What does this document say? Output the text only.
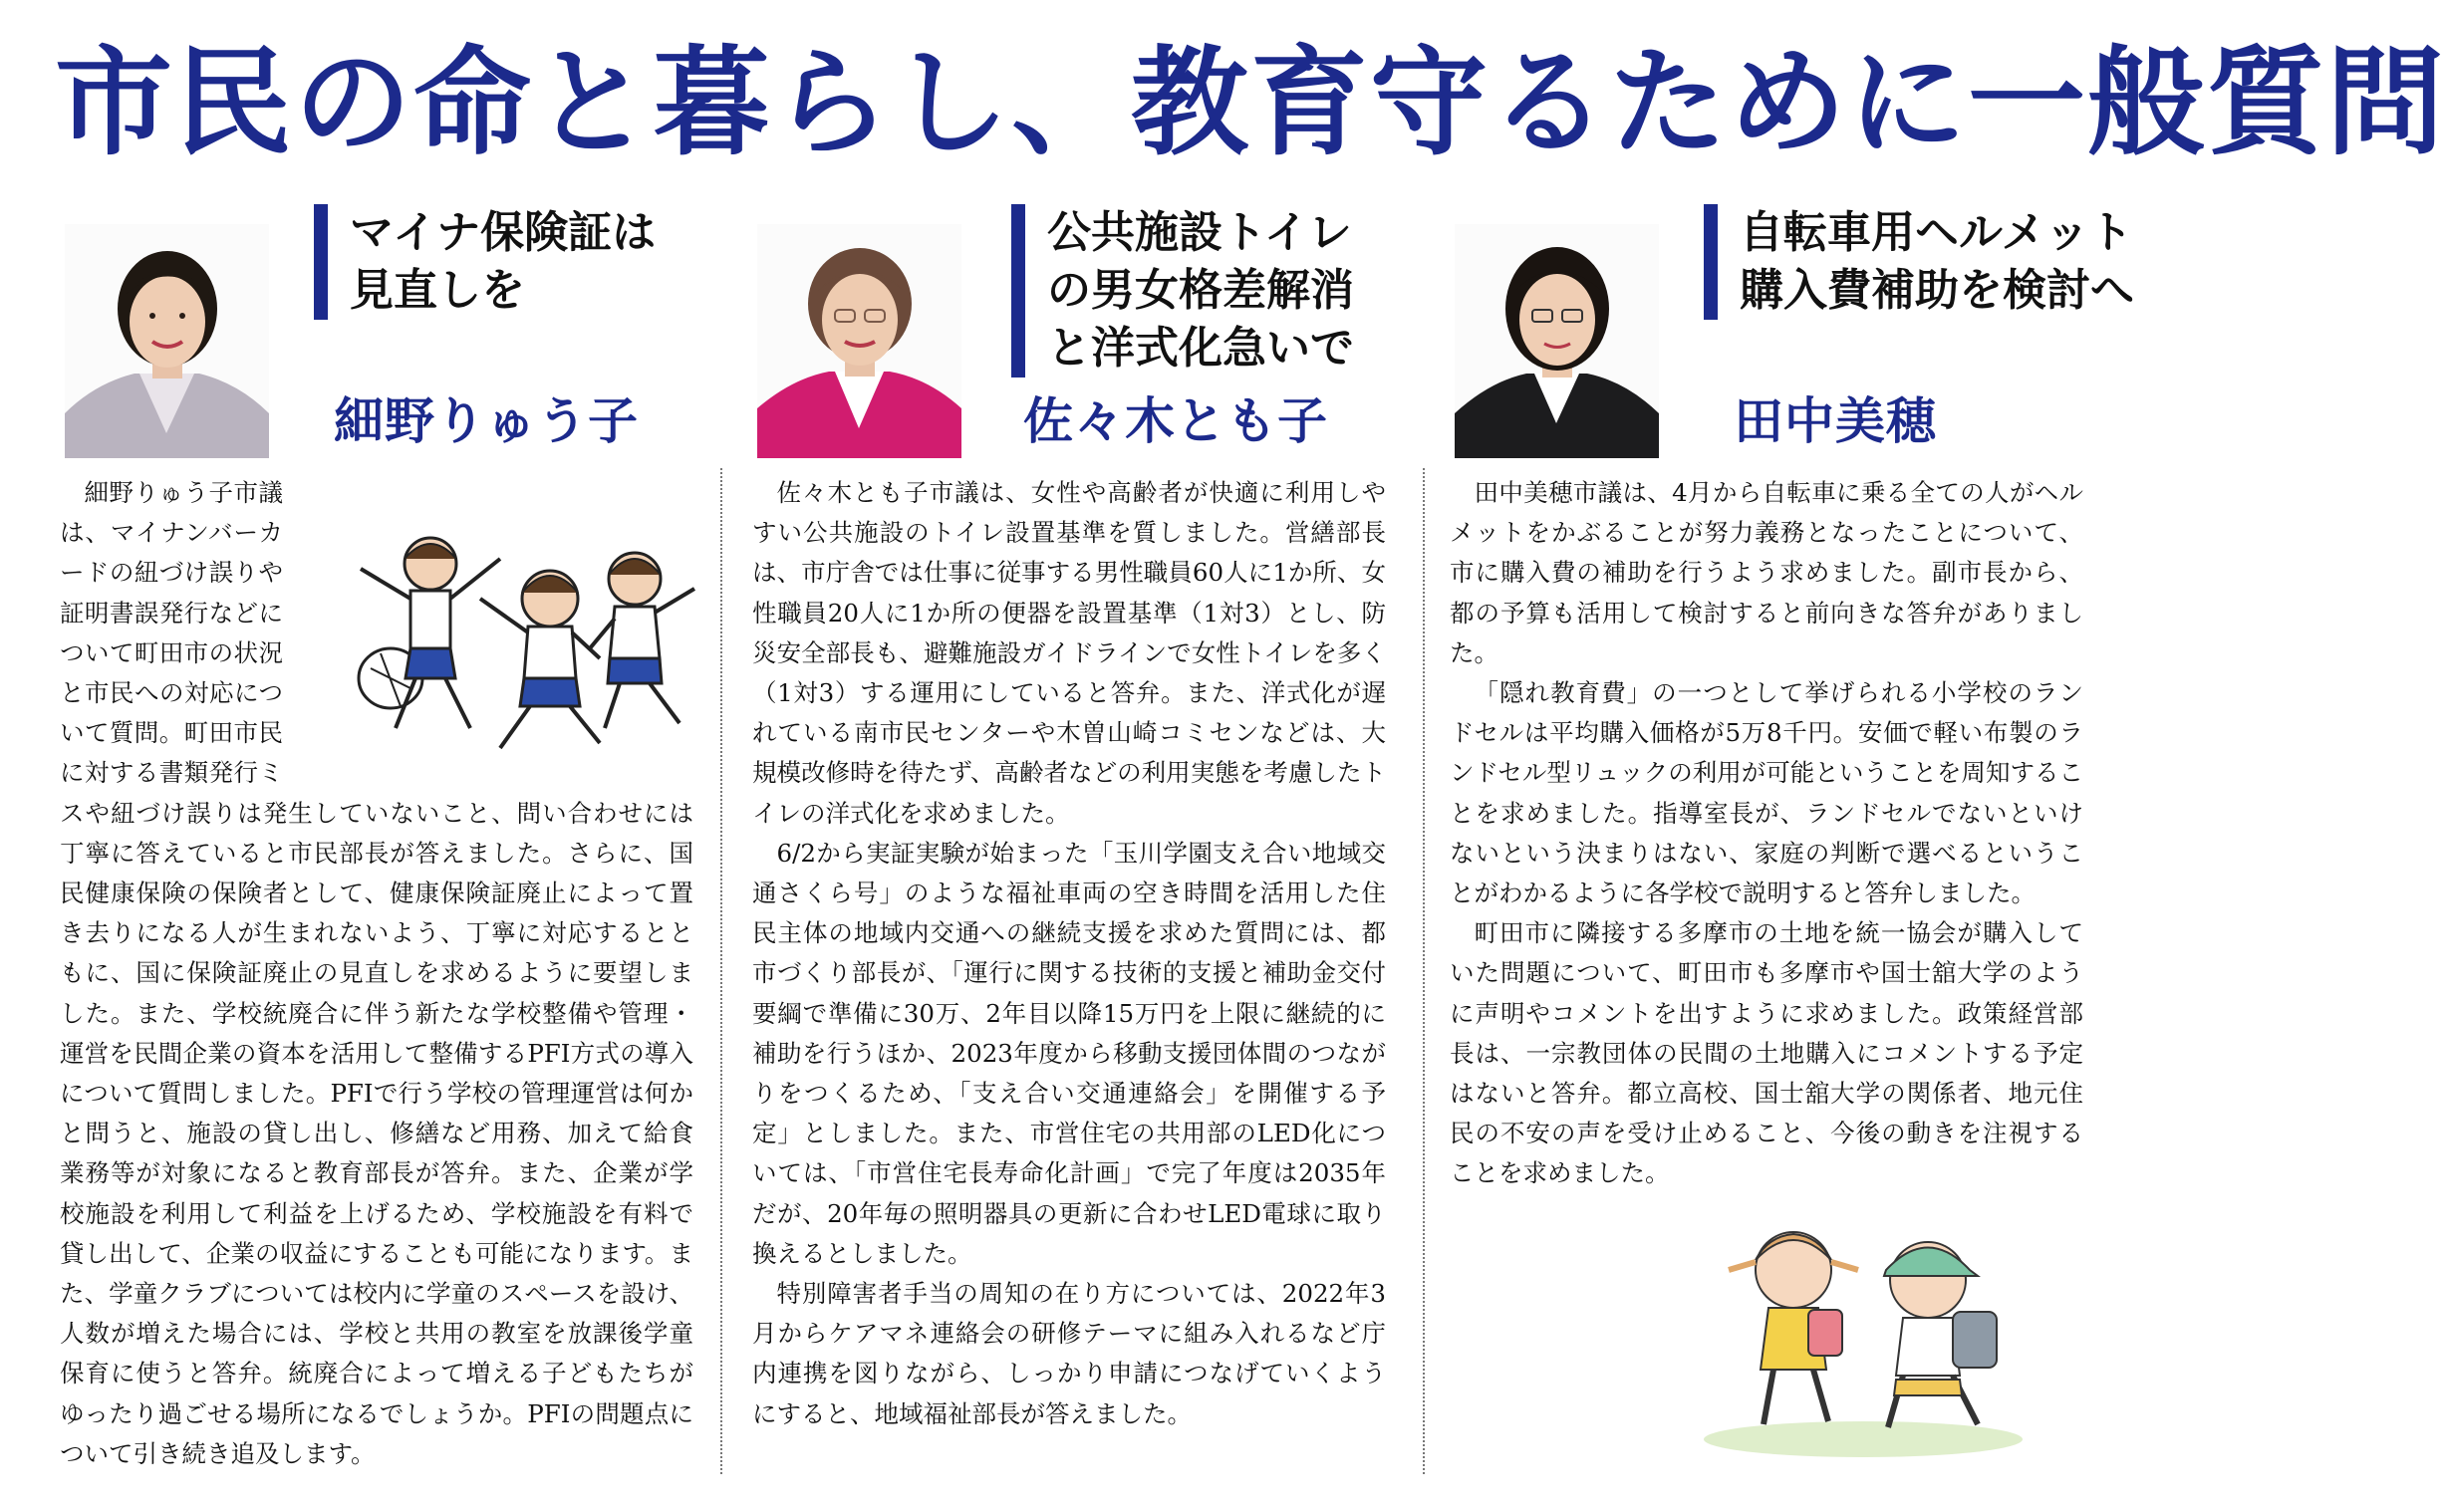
市民の命と暮らし、教育守るために一般質問
マイナ保険証は
見直しを
細野りゅう子

細野りゅう子市議は、マイナンバーカードの紐づけ誤りや証明書誤発行などについて町田市の状況と市民への対応について質問。町田市民に対する書類発行ミスや紐づけ誤りは発生していないこと、問い合わせには丁寧に答えていると市民部長が答えました。さらに、国民健康保険の保険者として、健康保険証廃止によって置き去りになる人が生まれないよう、丁寧に対応するとともに、国に保険証廃止の見直しを求めるように要望しました。また、学校統廃合に伴う新たな学校整備や管理・運営を民間企業の資本を活用して整備するPFI方式の導入について質問しました。PFIで行う学校の管理運営は何かと問うと、施設の貸し出し、修繕など用務、加えて給食業務等が対象になると教育部長が答弁。また、企業が学校施設を利用して利益を上げるため、学校施設を有料で貸し出して、企業の収益にすることも可能になります。また、学童クラブについては校内に学童のスペースを設け、人数が増えた場合には、学校と共用の教室を放課後学童保育に使うと答弁。統廃合によって増える子どもたちがゆったり過ごせる場所になるでしょうか。PFIの問題点について引き続き追及します。

公共施設トイレ
の男女格差解消
と洋式化急いで
佐々木とも子

佐々木とも子市議は、女性や高齢者が快適に利用しやすい公共施設のトイレ設置基準を質しました。営繕部長は、市庁舎では仕事に従事する男性職員60人に1か所、女性職員20人に1か所の便器を設置基準（1対3）とし、防災安全部長も、避難施設ガイドラインで女性トイレを多く（1対3）する運用にしていると答弁。また、洋式化が遅れている南市民センターや木曽山崎コミセンなどは、大規模改修時を待たず、高齢者などの利用実態を考慮したトイレの洋式化を求めました。

6/2から実証実験が始まった「玉川学園支え合い地域交通さくら号」のような福祉車両の空き時間を活用した住民主体の地域内交通への継続支援を求めた質問には、都市づくり部長が、「運行に関する技術的支援と補助金交付要綱で準備に30万、2年目以降15万円を上限に継続的に補助を行うほか、2023年度から移動支援団体間のつながりをつくるため、「支え合い交通連絡会」を開催する予定」としました。また、市営住宅の共用部のLED化については、「市営住宅長寿命化計画」で完了年度は2035年だが、20年毎の照明器具の更新に合わせLED電球に取り換えるとしました。

特別障害者手当の周知の在り方については、2022年3月からケアマネ連絡会の研修テーマに組み入れるなど庁内連携を図りながら、しっかり申請につなげていくようにすると、地域福祉部長が答えました。

自転車用ヘルメット
購入費補助を検討へ
田中美穂

田中美穂市議は、4月から自転車に乗る全ての人がヘルメットをかぶることが努力義務となったことについて、市に購入費の補助を行うよう求めました。副市長から、都の予算も活用して検討すると前向きな答弁がありました。

「隠れ教育費」の一つとして挙げられる小学校のランドセルは平均購入価格が5万8千円。安価で軽い布製のランドセル型リュックの利用が可能ということを周知することを求めました。指導室長が、ランドセルでないといけないという決まりはない、家庭の判断で選べるということがわかるように各学校で説明すると答弁しました。

町田市に隣接する多摩市の土地を統一協会が購入していた問題について、町田市も多摩市や国士舘大学のように声明やコメントを出すように求めました。政策経営部長は、一宗教団体の民間の土地購入にコメントする予定はないと答弁。都立高校、国士舘大学の関係者、地元住民の不安の声を受け止めること、今後の動きを注視することを求めました。
